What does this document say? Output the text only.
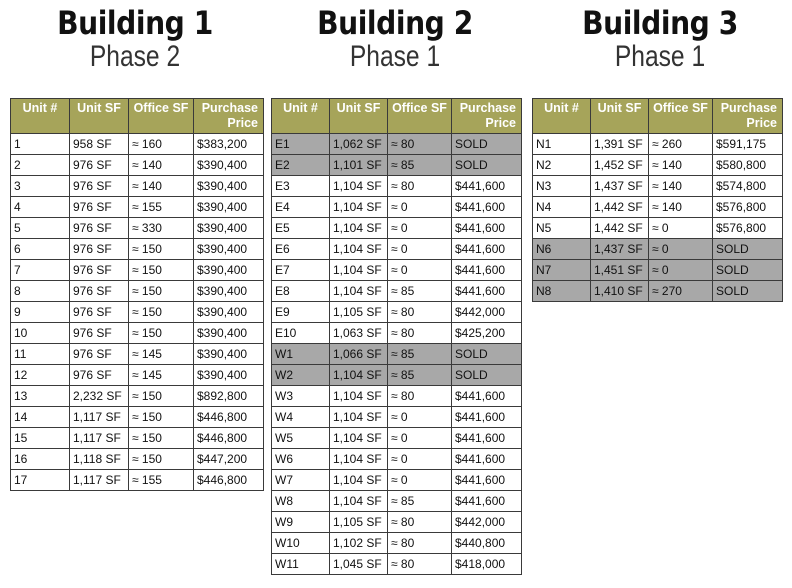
Building 1
Phase 2
Building 2
Phase 1
Building 3
Phase 1
Unit #	Unit SF	Office SF	Purchase Price
1	958 SF	≈ 160	$383,200
2	976 SF	≈ 140	$390,400
3	976 SF	≈ 140	$390,400
4	976 SF	≈ 155	$390,400
5	976 SF	≈ 330	$390,400
6	976 SF	≈ 150	$390,400
7	976 SF	≈ 150	$390,400
8	976 SF	≈ 150	$390,400
9	976 SF	≈ 150	$390,400
10	976 SF	≈ 150	$390,400
11	976 SF	≈ 145	$390,400
12	976 SF	≈ 145	$390,400
13	2,232 SF	≈ 150	$892,800
14	1,117 SF	≈ 150	$446,800
15	1,117 SF	≈ 150	$446,800
16	1,118 SF	≈ 150	$447,200
17	1,117 SF	≈ 155	$446,800
Unit #	Unit SF	Office SF	Purchase Price
E1	1,062 SF	≈ 80	SOLD
E2	1,101 SF	≈ 85	SOLD
E3	1,104 SF	≈ 80	$441,600
E4	1,104 SF	≈ 0	$441,600
E5	1,104 SF	≈ 0	$441,600
E6	1,104 SF	≈ 0	$441,600
E7	1,104 SF	≈ 0	$441,600
E8	1,104 SF	≈ 85	$441,600
E9	1,105 SF	≈ 80	$442,000
E10	1,063 SF	≈ 80	$425,200
W1	1,066 SF	≈ 85	SOLD
W2	1,104 SF	≈ 85	SOLD
W3	1,104 SF	≈ 80	$441,600
W4	1,104 SF	≈ 0	$441,600
W5	1,104 SF	≈ 0	$441,600
W6	1,104 SF	≈ 0	$441,600
W7	1,104 SF	≈ 0	$441,600
W8	1,104 SF	≈ 85	$441,600
W9	1,105 SF	≈ 80	$442,000
W10	1,102 SF	≈ 80	$440,800
W11	1,045 SF	≈ 80	$418,000
Unit #	Unit SF	Office SF	Purchase Price
N1	1,391 SF	≈ 260	$591,175
N2	1,452 SF	≈ 140	$580,800
N3	1,437 SF	≈ 140	$574,800
N4	1,442 SF	≈ 140	$576,800
N5	1,442 SF	≈ 0	$576,800
N6	1,437 SF	≈ 0	SOLD
N7	1,451 SF	≈ 0	SOLD
N8	1,410 SF	≈ 270	SOLD
